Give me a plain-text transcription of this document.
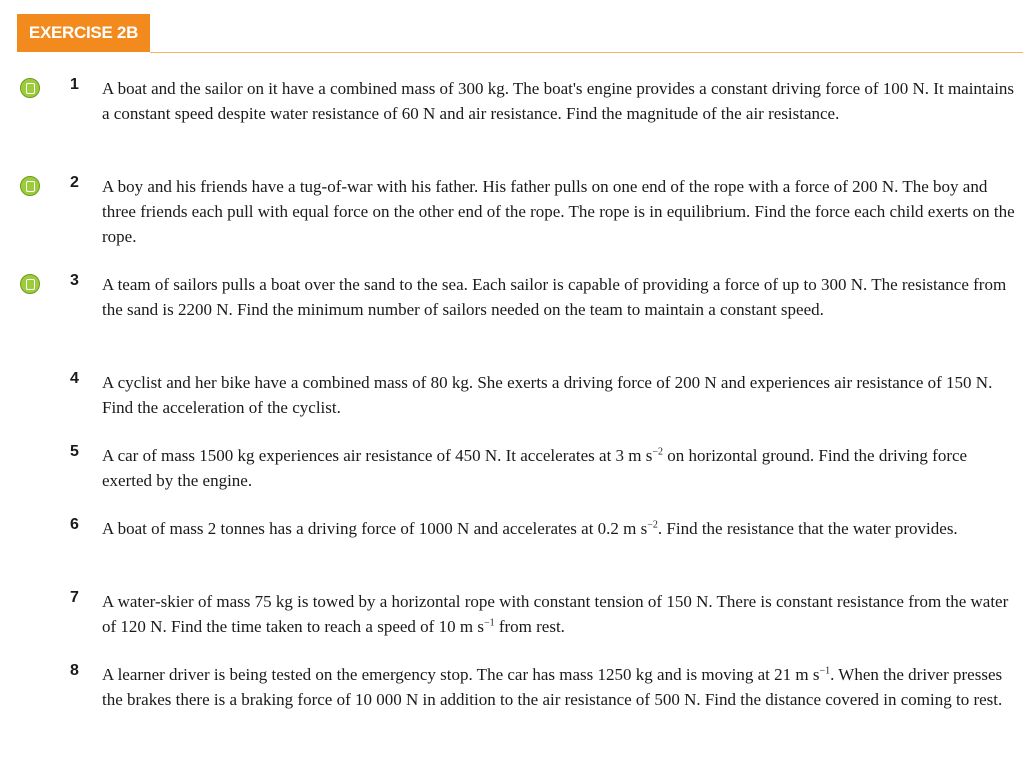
EXERCISE 2B
1	A boat and the sailor on it have a combined mass of 300 kg. The boat's engine provides a constant driving force of 100 N. It maintains a constant speed despite water resistance of 60 N and air resistance. Find the magnitude of the air resistance.
2	A boy and his friends have a tug-of-war with his father. His father pulls on one end of the rope with a force of 200 N. The boy and three friends each pull with equal force on the other end of the rope. The rope is in equilibrium. Find the force each child exerts on the rope.
3	A team of sailors pulls a boat over the sand to the sea. Each sailor is capable of providing a force of up to 300 N. The resistance from the sand is 2200 N. Find the minimum number of sailors needed on the team to maintain a constant speed.
4	A cyclist and her bike have a combined mass of 80 kg. She exerts a driving force of 200 N and experiences air resistance of 150 N. Find the acceleration of the cyclist.
5	A car of mass 1500 kg experiences air resistance of 450 N. It accelerates at 3 m $s^{-2}$ on horizontal ground. Find the driving force exerted by the engine.
6	A boat of mass 2 tonnes has a driving force of 1000 N and accelerates at 0.2 m $s^{-2}$. Find the resistance that the water provides.
7	A water-skier of mass 75 kg is towed by a horizontal rope with constant tension of 150 N. There is constant resistance from the water of 120 N. Find the time taken to reach a speed of 10 m $s^{-1}$ from rest.
8	A learner driver is being tested on the emergency stop. The car has mass 1250 kg and is moving at 21 m $s^{-1}$. When the driver presses the brakes there is a braking force of 10 000 N in addition to the air resistance of 500 N. Find the distance covered in coming to rest.
